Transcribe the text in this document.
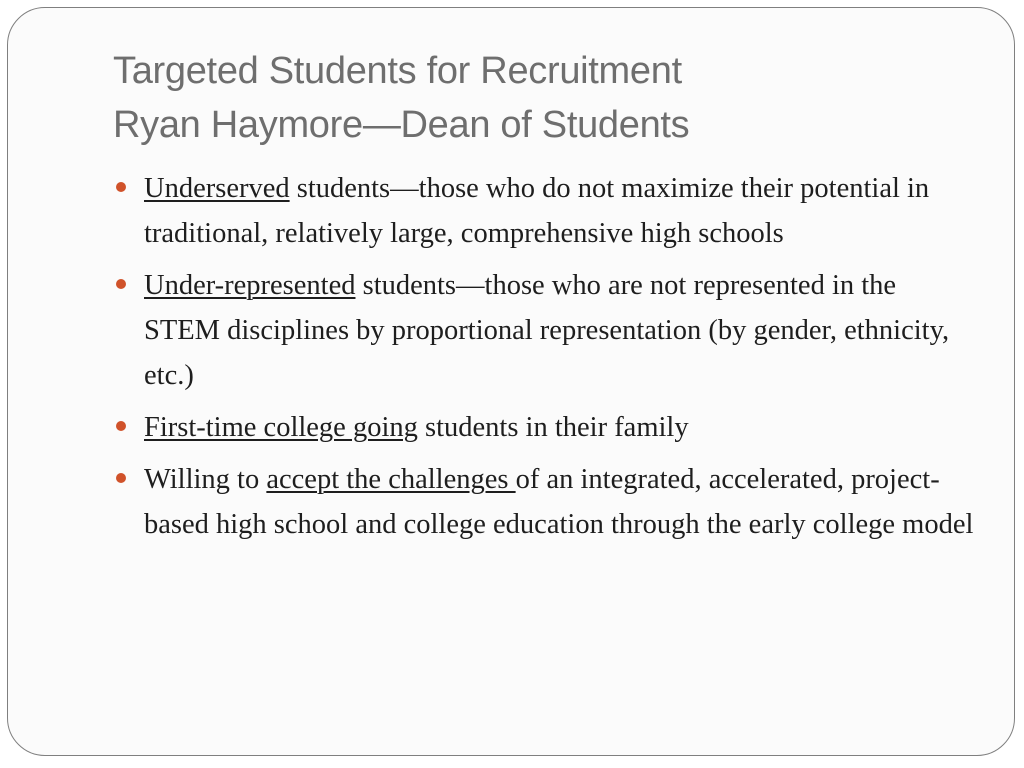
Targeted Students for Recruitment
Ryan Haymore—Dean of Students
Underserved students—those who do not maximize their potential in traditional, relatively large, comprehensive high schools
Under-represented students—those who are not represented in the STEM disciplines by proportional representation (by gender, ethnicity, etc.)
First-time college going students in their family
Willing to accept the challenges of an integrated, accelerated, project-based high school and college education through the early college model
